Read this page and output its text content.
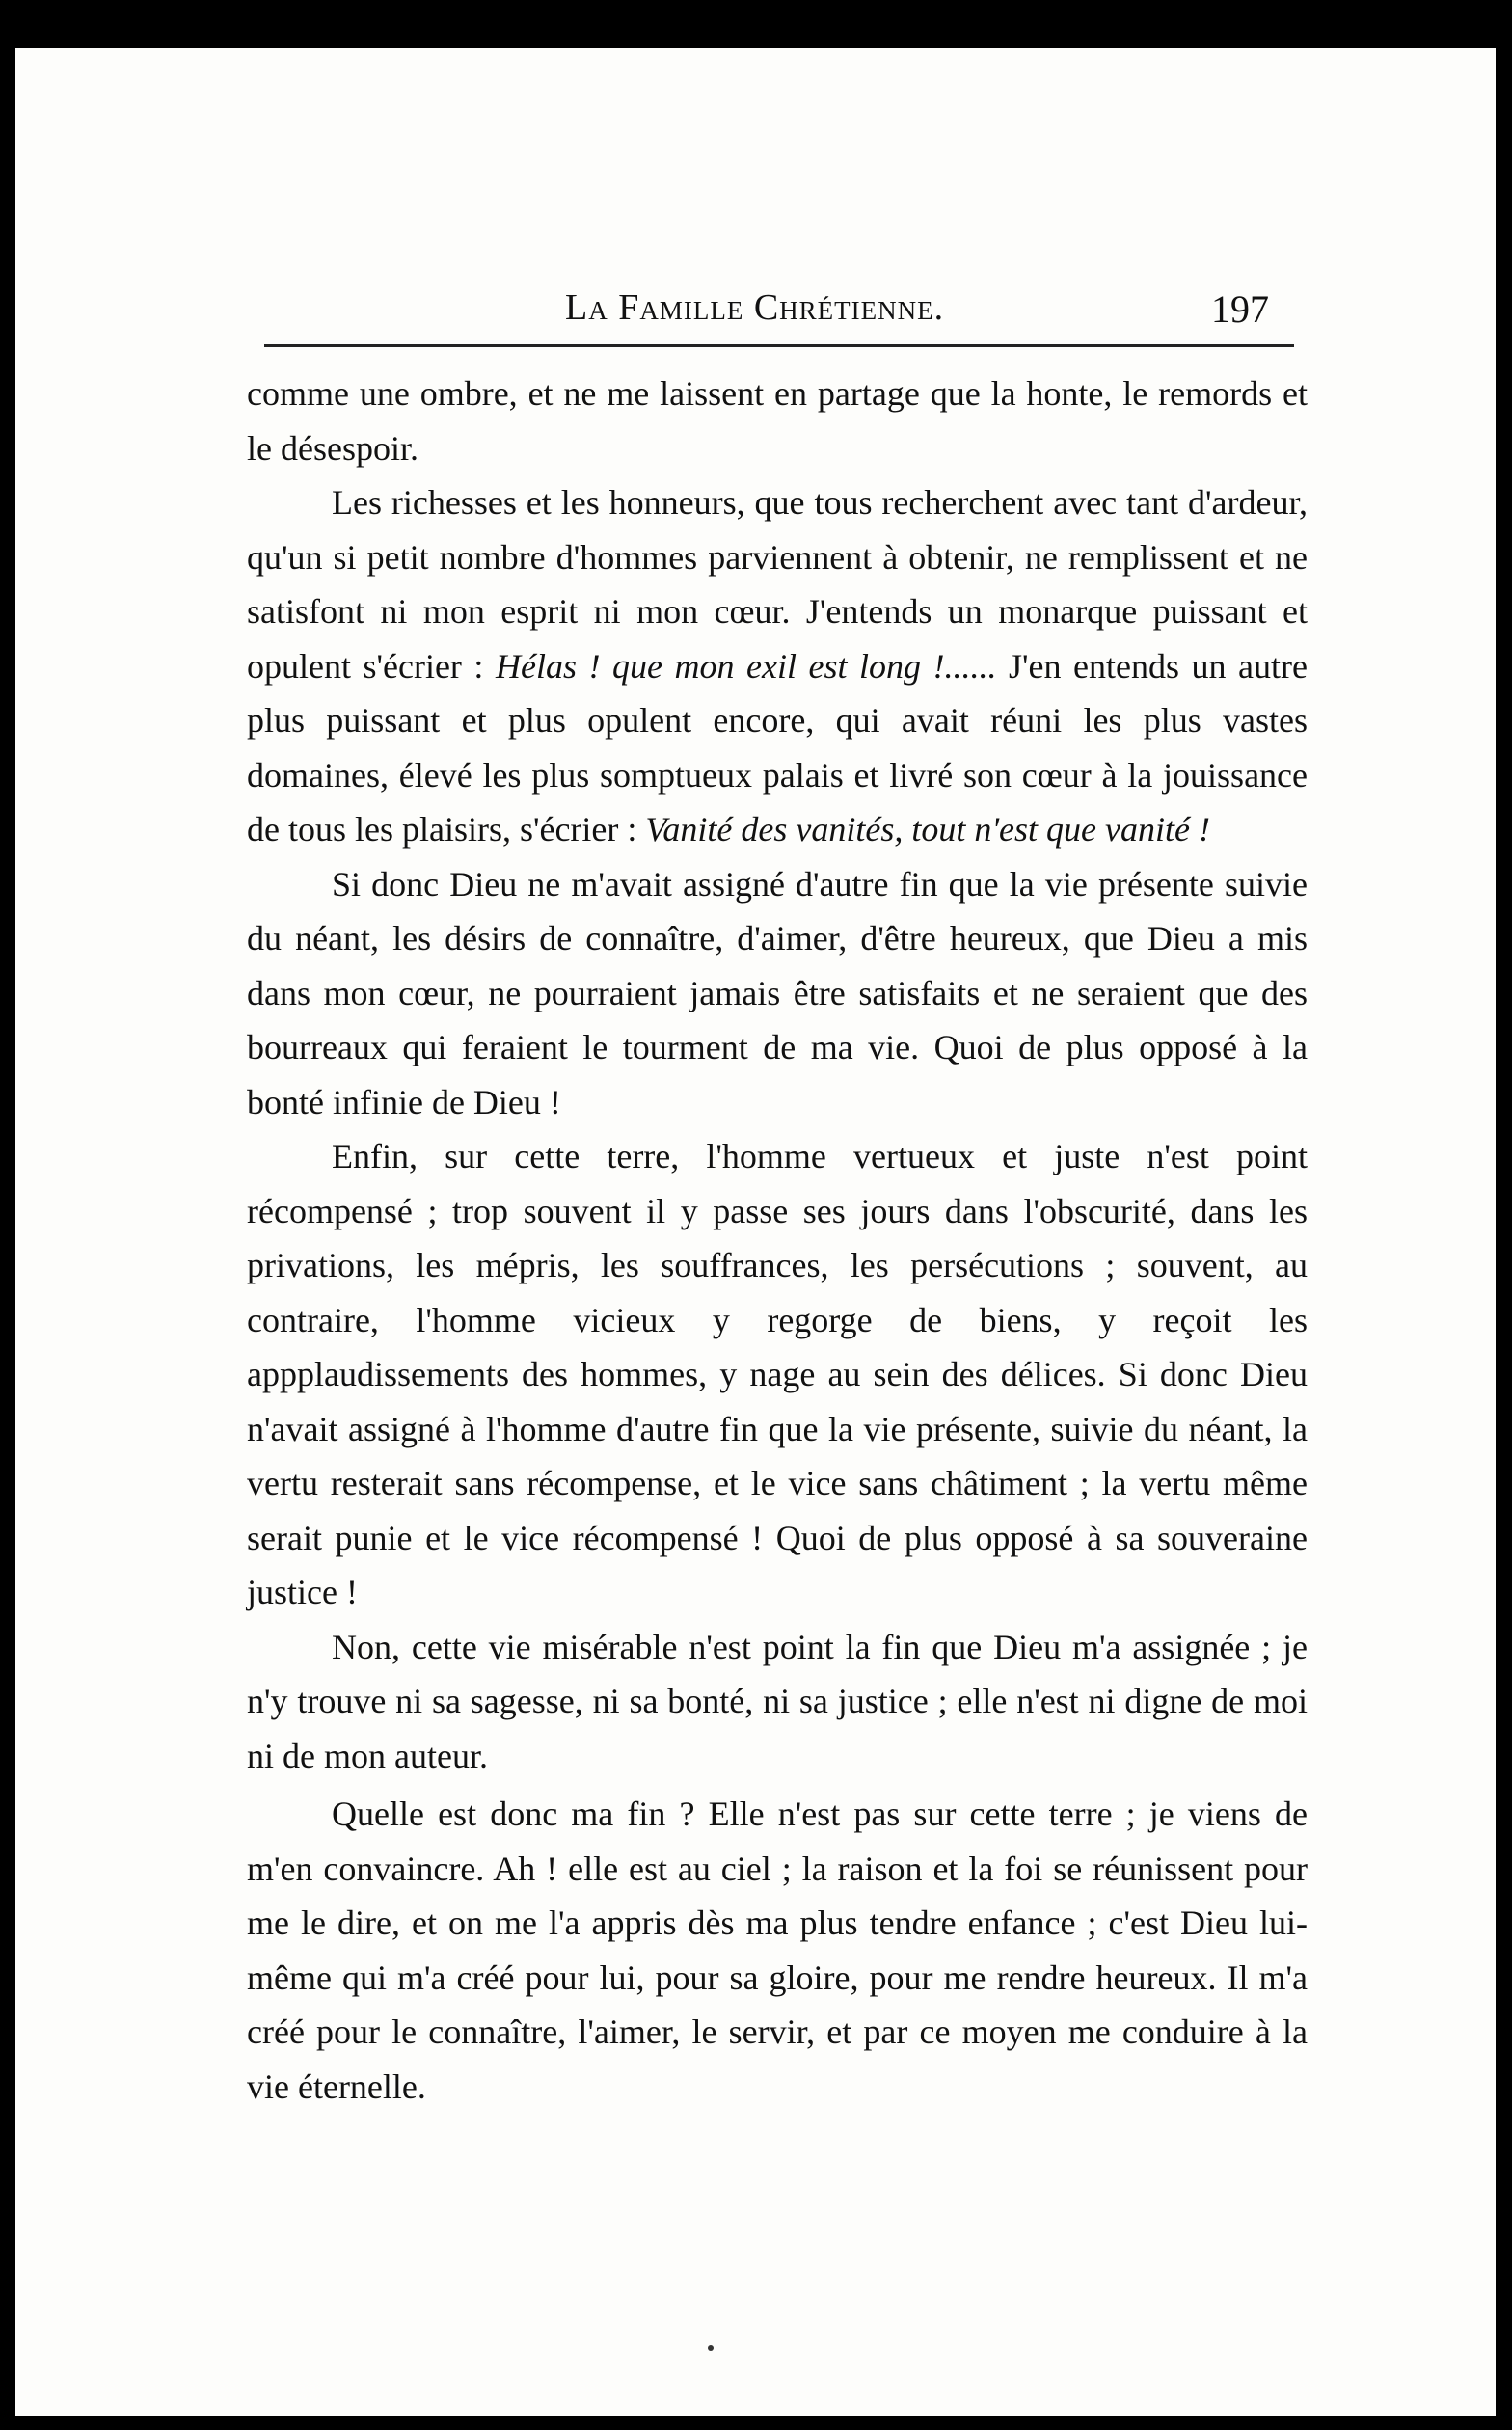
La Famille Chrétienne.	197

comme une ombre, et ne me laissent en partage que la honte, le remords et le désespoir.

Les richesses et les honneurs, que tous recherchent avec tant d'ardeur, qu'un si petit nombre d'hommes parviennent à obtenir, ne remplissent et ne satisfont ni mon esprit ni mon cœur. J'entends un monarque puissant et opulent s'écrier : Hélas ! que mon exil est long !...... J'en entends un autre plus puissant et plus opulent encore, qui avait réuni les plus vastes domaines, élevé les plus somptueux palais et livré son cœur à la jouissance de tous les plaisirs, s'écrier : Vanité des vanités, tout n'est que vanité !

Si donc Dieu ne m'avait assigné d'autre fin que la vie présente suivie du néant, les désirs de connaître, d'aimer, d'être heureux, que Dieu a mis dans mon cœur, ne pourraient jamais être satisfaits et ne seraient que des bourreaux qui feraient le tourment de ma vie. Quoi de plus opposé à la bonté infinie de Dieu !

Enfin, sur cette terre, l'homme vertueux et juste n'est point récompensé ; trop souvent il y passe ses jours dans l'obscurité, dans les privations, les mépris, les souffrances, les persécutions ; souvent, au contraire, l'homme vicieux y regorge de biens, y reçoit les appplaudissements des hommes, y nage au sein des délices. Si donc Dieu n'avait assigné à l'homme d'autre fin que la vie présente, suivie du néant, la vertu resterait sans récompense, et le vice sans châtiment ; la vertu même serait punie et le vice récompensé ! Quoi de plus opposé à sa souveraine justice !

Non, cette vie misérable n'est point la fin que Dieu m'a assignée ; je n'y trouve ni sa sagesse, ni sa bonté, ni sa justice ; elle n'est ni digne de moi ni de mon auteur.

Quelle est donc ma fin ? Elle n'est pas sur cette terre ; je viens de m'en convaincre. Ah ! elle est au ciel ; la raison et la foi se réunissent pour me le dire, et on me l'a appris dès ma plus tendre enfance ; c'est Dieu lui-même qui m'a créé pour lui, pour sa gloire, pour me rendre heureux. Il m'a créé pour le connaître, l'aimer, le servir, et par ce moyen me conduire à la vie éternelle.
